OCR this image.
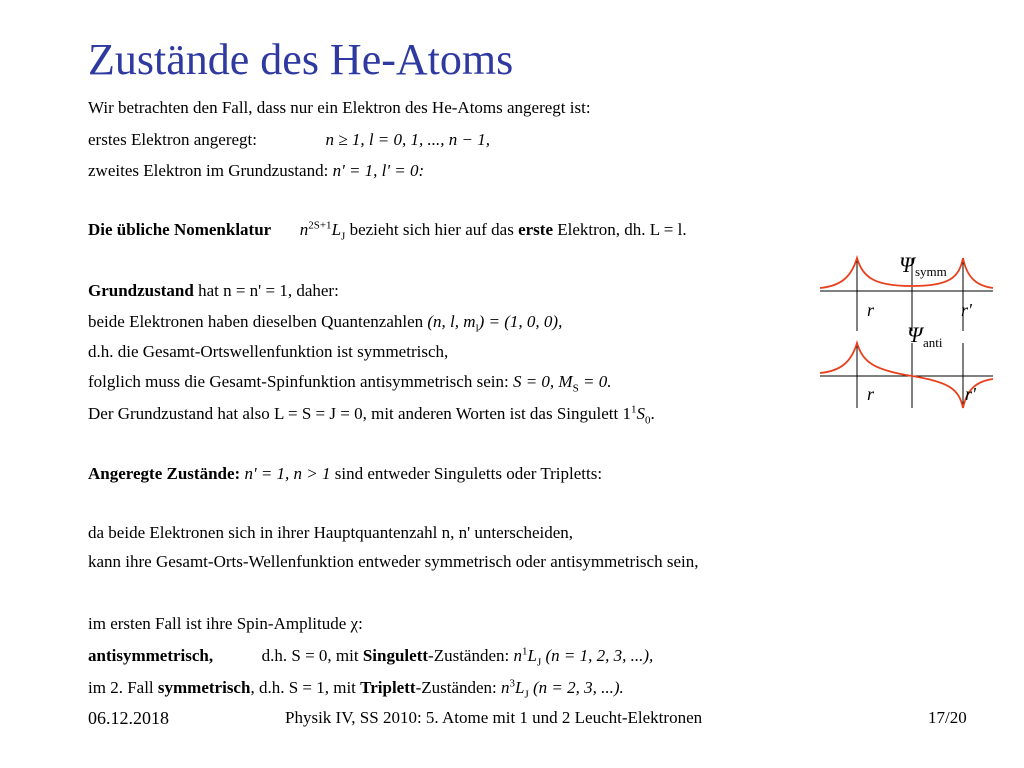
Zustände des He-Atoms
Wir betrachten den Fall, dass nur ein Elektron des He-Atoms angeregt ist:
erstes Elektron angeregt:	n ≥ 1, l = 0, 1, ..., n − 1,
zweites Elektron im Grundzustand: n' = 1, l' = 0:
Die übliche Nomenklatur $n^{2S+1}L_J$ bezieht sich hier auf das erste Elektron, dh. L = l.
Grundzustand hat n = n' = 1, daher:
beide Elektronen haben dieselben Quantenzahlen (n, l, $m_l) = (1$, 0, 0),
d.h. die Gesamt-Ortswellenfunktion ist symmetrisch,
folglich muss die Gesamt-Spinfunktion antisymmetrisch sein: S = 0, $M_S = 0$.
Der Grundzustand hat also L = S = J = 0, mit anderen Worten ist das Singulett $1^1S_0$.
Angeregte Zustände: n' = 1, n > 1 sind entweder Singuletts oder Tripletts:
da beide Elektronen sich in ihrer Hauptquantenzahl n, n' unterscheiden,
kann ihre Gesamt-Orts-Wellenfunktion entweder symmetrisch oder antisymmetrisch sein,
im ersten Fall ist ihre Spin-Amplitude χ:
antisymmetrisch,	d.h. S = 0, mit Singulett-Zuständen: $n^1L_J$ (n = 1, 2, 3, ...),
im 2. Fall symmetrisch, d.h. S = 1, mit Triplett-Zuständen: $n^3L_J$ (n = 2, 3, ...).
Ψ symm
r	r'
Ψ anti
r	r'
06.12.2018	Physik IV, SS 2010: 5. Atome mit 1 und 2 Leucht-Elektronen	17/20
